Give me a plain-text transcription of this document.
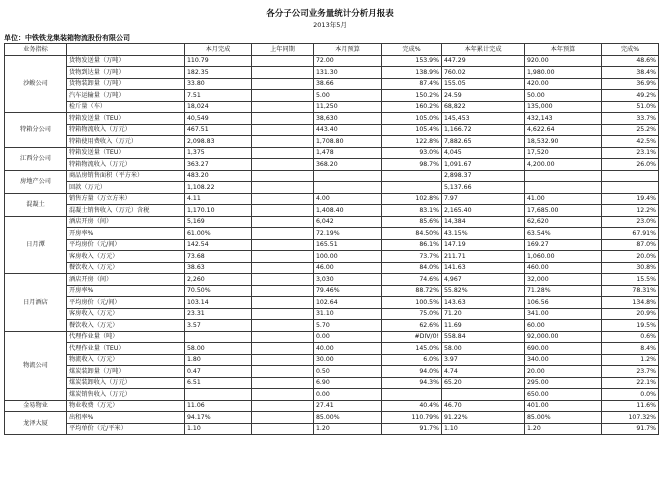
各分子公司业务量统计分析月报表
2013年5月
单位：中铁铁龙集装箱物流股份有限公司
业务指标		本月完成	上年同期	本月预算	完成%	本年累计完成	本年预算	完成%
沙鲅公司	货物发送量（万吨）	110.79		72.00	153.9%	447.29	920.00	48.6%
	货物到达量（万吨）	182.35		131.30	138.9%	760.02	1,980.00	38.4%
	货物装卸量（万吨）	33.80		38.66	87.4%	155.05	420.00	36.9%
	汽车运输量（万吨）	7.51		5.00	150.2%	24.59	50.00	49.2%
	检斤量（车）	18,024		11,250	160.2%	68,822	135,000	51.0%
特箱分公司	特箱发送量（TEU）	40,549		38,630	105.0%	145,453	432,143	33.7%
	特箱物流收入（万元）	467.51		443.40	105.4%	1,166.72	4,622.64	25.2%
	特箱使用费收入（万元）	2,098.83		1,708.80	122.8%	7,882.65	18,532.90	42.5%
江西分公司	特箱发送量（TEU）	1,375		1,478	93.0%	4,045	17,520	23.1%
	特箱物流收入（万元）	363.27		368.20	98.7%	1,091.67	4,200.00	26.0%
房地产公司	商品房销售面积（平方米）	483.20				2,898.37		
	回款（万元）	1,108.22				5,137.66		
混凝土	销售方量（万立方米）	4.11		4.00	102.8%	7.97	41.00	19.4%
	混凝土销售收入（万元）含税	1,170.10		1,408.40	83.1%	2,165.40	17,685.00	12.2%
日月潭	酒店开房（间）	5,169		6,042	85.6%	14,384	62,620	23.0%
	开房率%	61.00%		72.19%	84.50%	43.15%	63.54%	67.91%
	平均房价（元/间）	142.54		165.51	86.1%	147.19	169.27	87.0%
	客房收入（万元）	73.68		100.00	73.7%	211.71	1,060.00	20.0%
	餐饮收入（万元）	38.63		46.00	84.0%	141.63	460.00	30.8%
日月酒店	酒店开房（间）	2,260		3,030	74.6%	4,967	32,000	15.5%
	开房率%	70.50%		79.46%	88.72%	55.82%	71.28%	78.31%
	平均房价（元/间）	103.14		102.64	100.5%	143.63	106.56	134.8%
	客房收入（万元）	23.31		31.10	75.0%	71.20	341.00	20.9%
	餐饮收入（万元）	3.57		5.70	62.6%	11.69	60.00	19.5%
物流公司	代理作业量（吨）			0.00	#DIV/0!	558.84	92,000.00	0.6%
	代理作业量（TEU）	58.00		40.00	145.0%	58.00	690.00	8.4%
	物流收入（万元）	1.80		30.00	6.0%	3.97	340.00	1.2%
	煤炭装卸量（万吨）	0.47		0.50	94.0%	4.74	20.00	23.7%
	煤炭装卸收入（万元）	6.51		6.90	94.3%	65.20	295.00	22.1%
	煤炭销售收入（万元）			0.00			650.00	0.0%
金易物业	物业收费（万元）	11.06		27.41	40.4%	46.70	401.00	11.6%
龙泽大厦	出租率%	94.17%		85.00%	110.79%	91.22%	85.00%	107.32%
	平均单价（元/平米）	1.10		1.20	91.7%	1.10	1.20	91.7%
